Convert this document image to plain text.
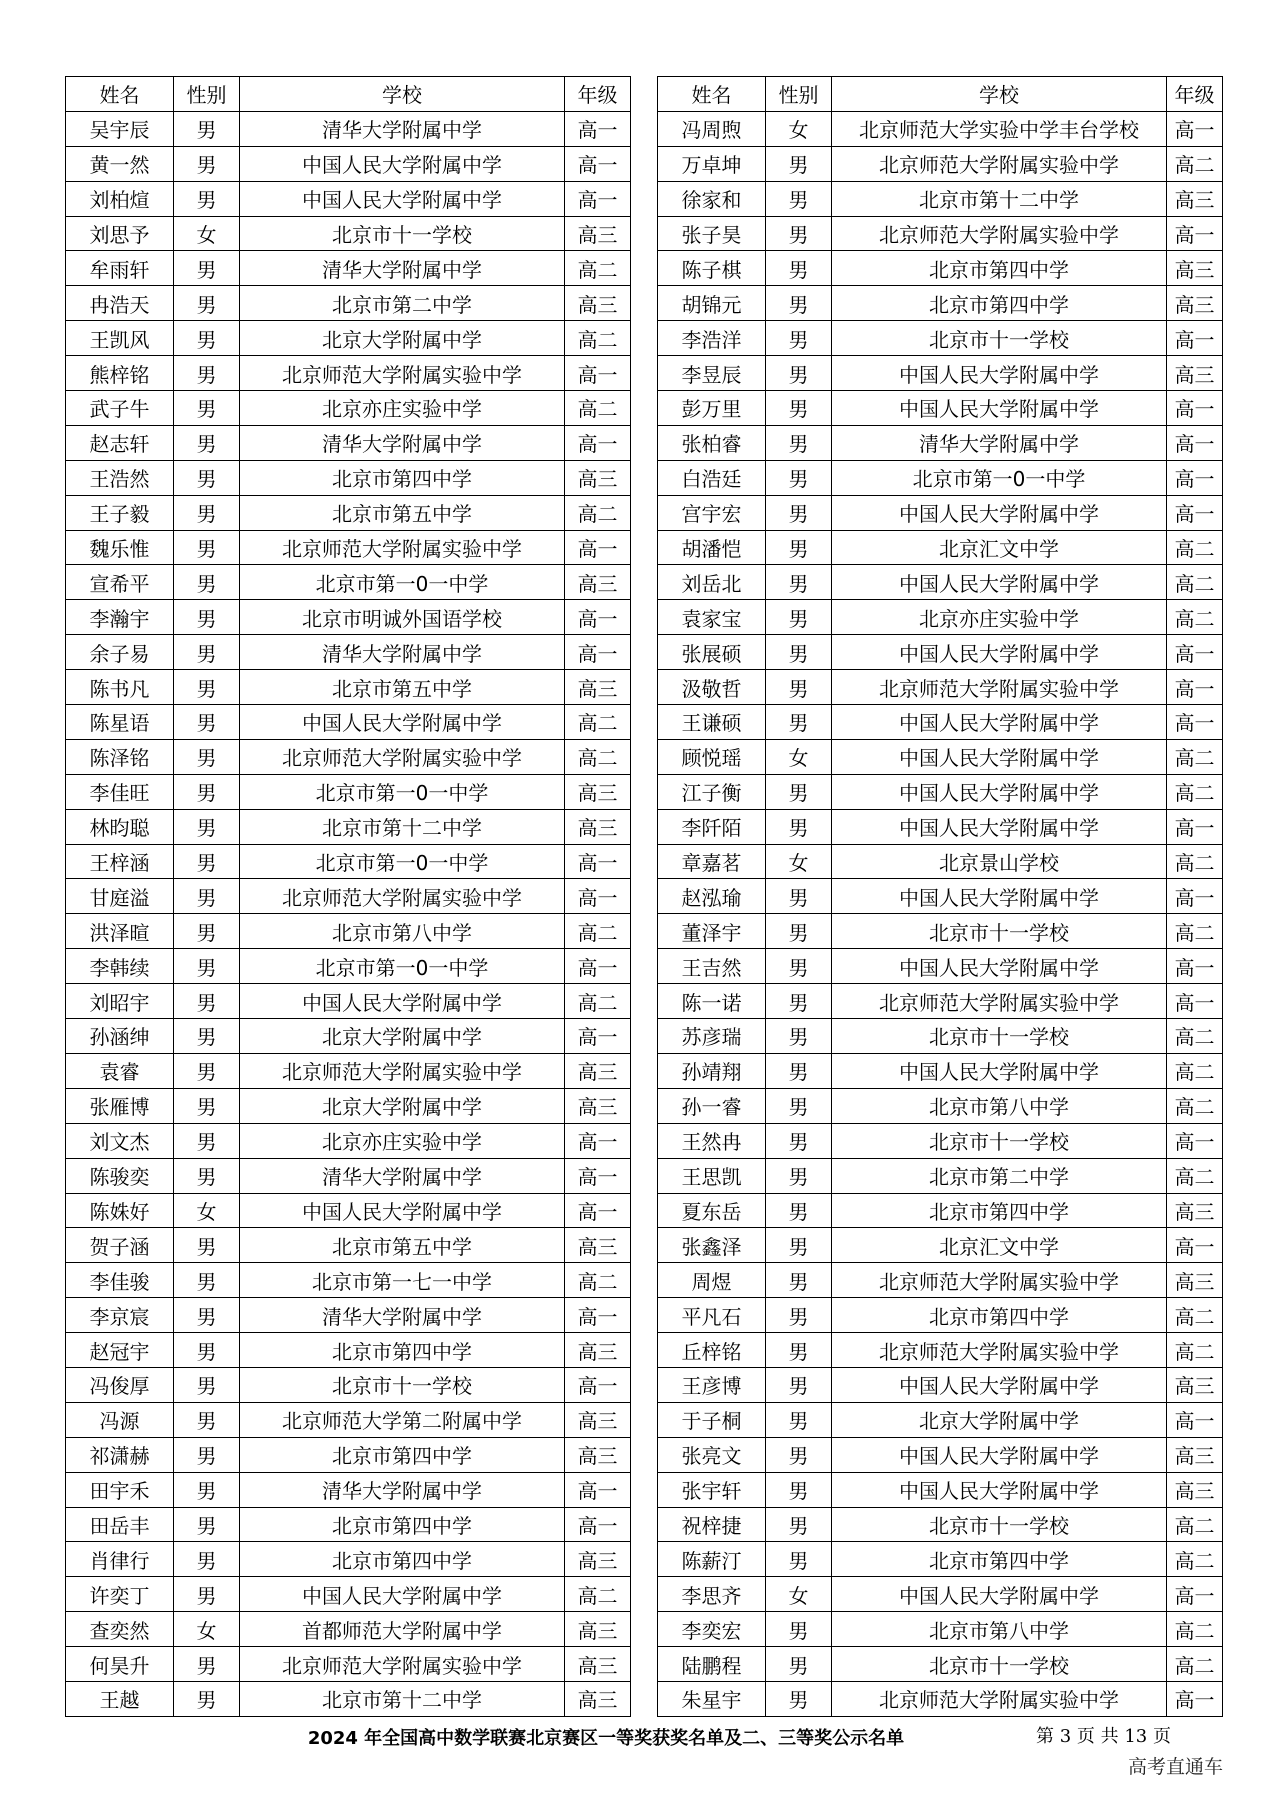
姓名	性别	学校	年级
吴宇辰	男	清华大学附属中学	高一
黄一然	男	中国人民大学附属中学	高一
刘柏煊	男	中国人民大学附属中学	高一
刘思予	女	北京市十一学校	高三
牟雨轩	男	清华大学附属中学	高二
冉浩天	男	北京市第二中学	高三
王凯风	男	北京大学附属中学	高二
熊梓铭	男	北京师范大学附属实验中学	高一
武子牛	男	北京亦庄实验中学	高二
赵志轩	男	清华大学附属中学	高一
王浩然	男	北京市第四中学	高三
王子毅	男	北京市第五中学	高二
魏乐惟	男	北京师范大学附属实验中学	高一
宣希平	男	北京市第一0一中学	高三
李瀚宇	男	北京市明诚外国语学校	高一
余子易	男	清华大学附属中学	高一
陈书凡	男	北京市第五中学	高三
陈星语	男	中国人民大学附属中学	高二
陈泽铭	男	北京师范大学附属实验中学	高二
李佳旺	男	北京市第一0一中学	高三
林昀聪	男	北京市第十二中学	高三
王梓涵	男	北京市第一0一中学	高一
甘庭溢	男	北京师范大学附属实验中学	高一
洪泽暄	男	北京市第八中学	高二
李韩续	男	北京市第一0一中学	高一
刘昭宇	男	中国人民大学附属中学	高二
孙涵绅	男	北京大学附属中学	高一
袁睿	男	北京师范大学附属实验中学	高三
张雁博	男	北京大学附属中学	高三
刘文杰	男	北京亦庄实验中学	高一
陈骏奕	男	清华大学附属中学	高一
陈姝好	女	中国人民大学附属中学	高一
贺子涵	男	北京市第五中学	高三
李佳骏	男	北京市第一七一中学	高二
李京宸	男	清华大学附属中学	高一
赵冠宇	男	北京市第四中学	高三
冯俊厚	男	北京市十一学校	高一
冯源	男	北京师范大学第二附属中学	高三
祁潇赫	男	北京市第四中学	高三
田宇禾	男	清华大学附属中学	高一
田岳丰	男	北京市第四中学	高一
肖律行	男	北京市第四中学	高三
许奕丁	男	中国人民大学附属中学	高二
查奕然	女	首都师范大学附属中学	高三
何昊升	男	北京师范大学附属实验中学	高三
王越	男	北京市第十二中学	高三
姓名	性别	学校	年级
冯周煦	女	北京师范大学实验中学丰台学校	高一
万卓坤	男	北京师范大学附属实验中学	高二
徐家和	男	北京市第十二中学	高三
张子昊	男	北京师范大学附属实验中学	高一
陈子棋	男	北京市第四中学	高三
胡锦元	男	北京市第四中学	高三
李浩洋	男	北京市十一学校	高一
李昱辰	男	中国人民大学附属中学	高三
彭万里	男	中国人民大学附属中学	高一
张柏睿	男	清华大学附属中学	高一
白浩廷	男	北京市第一0一中学	高一
宫宇宏	男	中国人民大学附属中学	高一
胡潘恺	男	北京汇文中学	高二
刘岳北	男	中国人民大学附属中学	高二
袁家宝	男	北京亦庄实验中学	高二
张展硕	男	中国人民大学附属中学	高一
汲敬哲	男	北京师范大学附属实验中学	高一
王谦硕	男	中国人民大学附属中学	高一
顾悦瑶	女	中国人民大学附属中学	高二
江子衡	男	中国人民大学附属中学	高二
李阡陌	男	中国人民大学附属中学	高一
章嘉茗	女	北京景山学校	高二
赵泓瑜	男	中国人民大学附属中学	高一
董泽宇	男	北京市十一学校	高二
王吉然	男	中国人民大学附属中学	高一
陈一诺	男	北京师范大学附属实验中学	高一
苏彦瑞	男	北京市十一学校	高二
孙靖翔	男	中国人民大学附属中学	高二
孙一睿	男	北京市第八中学	高二
王然冉	男	北京市十一学校	高一
王思凯	男	北京市第二中学	高二
夏东岳	男	北京市第四中学	高三
张鑫泽	男	北京汇文中学	高一
周煜	男	北京师范大学附属实验中学	高三
平凡石	男	北京市第四中学	高二
丘梓铭	男	北京师范大学附属实验中学	高二
王彦博	男	中国人民大学附属中学	高三
于子桐	男	北京大学附属中学	高一
张亮文	男	中国人民大学附属中学	高三
张宇轩	男	中国人民大学附属中学	高三
祝梓捷	男	北京市十一学校	高二
陈薪汀	男	北京市第四中学	高二
李思齐	女	中国人民大学附属中学	高一
李奕宏	男	北京市第八中学	高二
陆鹏程	男	北京市十一学校	高二
朱星宇	男	北京师范大学附属实验中学	高一
2024 年全国高中数学联赛北京赛区一等奖获奖名单及二、三等奖公示名单	第 3 页 共 13 页
高考直通车
